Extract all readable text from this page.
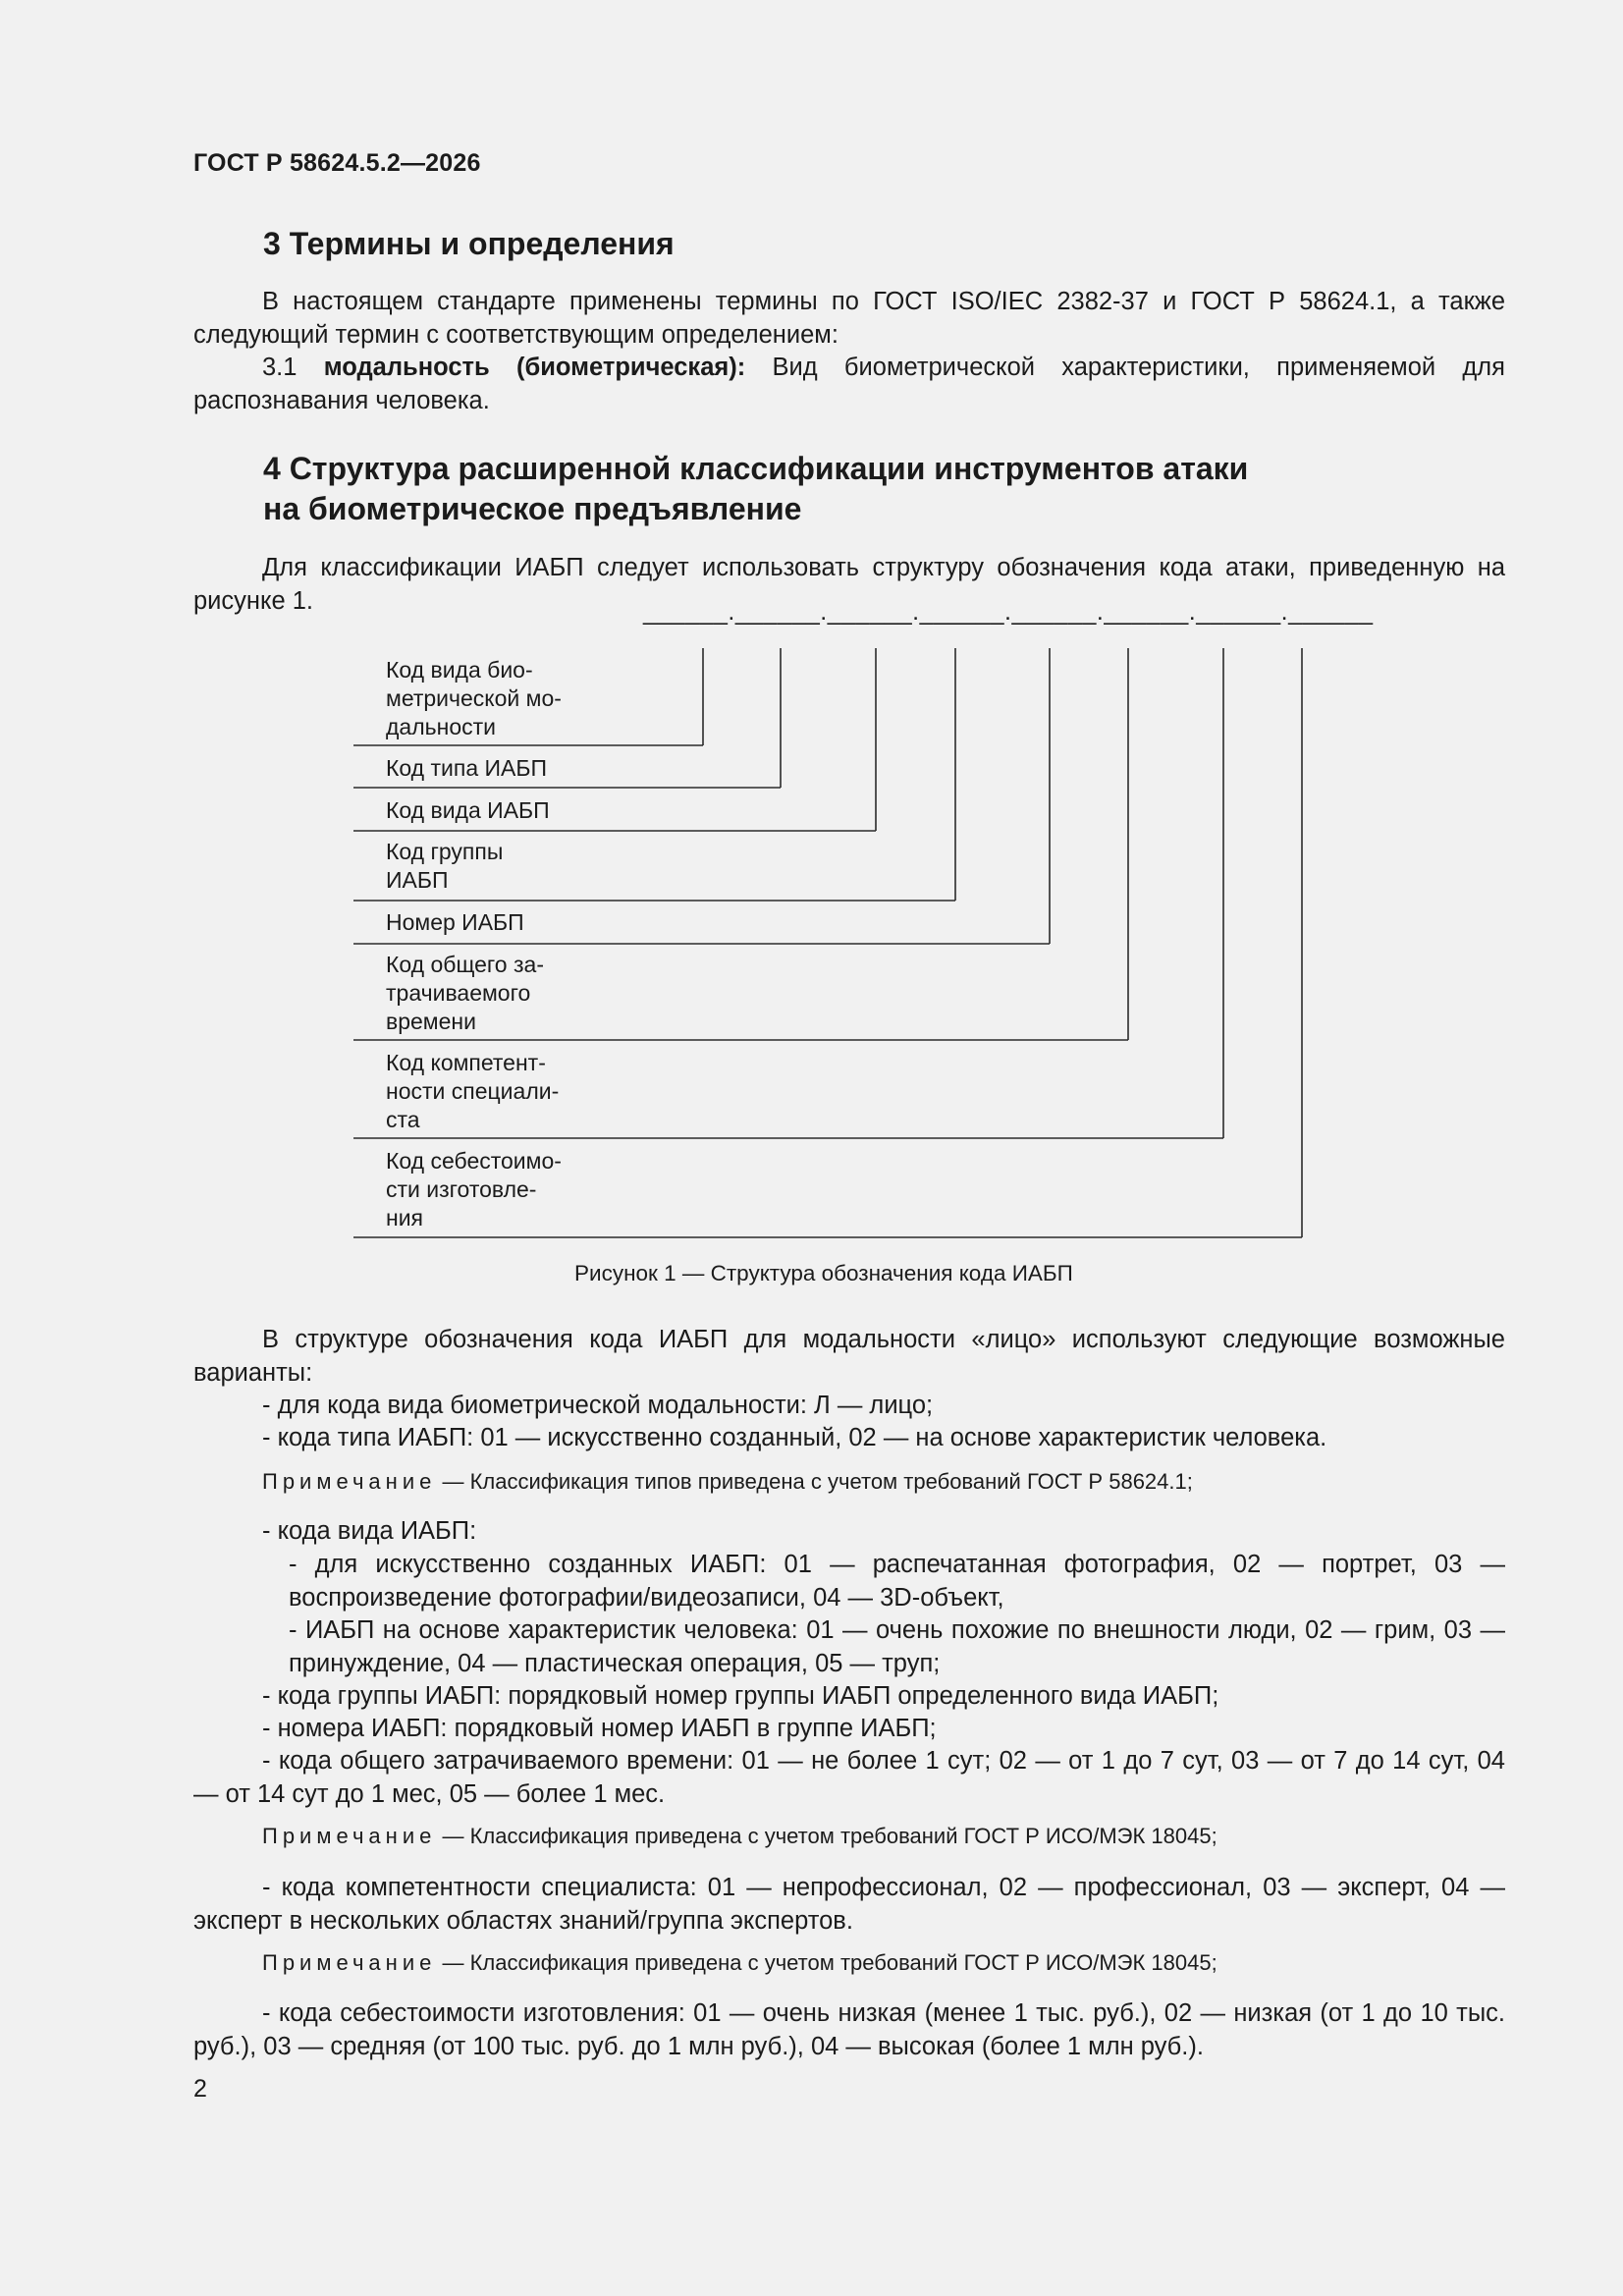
ГОСТ Р 58624.5.2—2026
3 Термины и определения
В настоящем стандарте применены термины по ГОСТ ISO/IEC 2382-37 и ГОСТ Р 58624.1, а также следующий термин с соответствующим определением:
3.1 модальность (биометрическая): Вид биометрической характеристики, применяемой для распознавания человека.
4 Структура расширенной классификации инструментов атаки
на биометрическое предъявление
Для классификации ИАБП следует использовать структуру обозначения кода атаки, приведенную на рисунке 1.	______.______.______.______.______.______.______.______
Код вида био-
метрической мо-
дальности
Код типа ИАБП
Код вида ИАБП
Код группы
ИАБП
Номер ИАБП
Код общего за-
трачиваемого
времени
Код компетент-
ности специали-
ста
Код себестоимо-
сти изготовле-
ния
Рисунок 1 — Структура обозначения кода ИАБП
В структуре обозначения кода ИАБП для модальности «лицо» используют следующие возможные варианты:
- для кода вида биометрической модальности: Л — лицо;
- кода типа ИАБП: 01 — искусственно созданный, 02 — на основе характеристик человека.
Примечание — Классификация типов приведена с учетом требований ГОСТ Р 58624.1;
- кода вида ИАБП:
- для искусственно созданных ИАБП: 01 — распечатанная фотография, 02 — портрет, 03 — воспроизведение фотографии/видеозаписи, 04 — 3D-объект,
- ИАБП на основе характеристик человека: 01 — очень похожие по внешности люди, 02 — грим, 03 — принуждение, 04 — пластическая операция, 05 — труп;
- кода группы ИАБП: порядковый номер группы ИАБП определенного вида ИАБП;
- номера ИАБП: порядковый номер ИАБП в группе ИАБП;
- кода общего затрачиваемого времени: 01 — не более 1 сут; 02 — от 1 до 7 сут, 03 — от 7 до 14 сут, 04 — от 14 сут до 1 мес, 05 — более 1 мес.
Примечание — Классификация приведена с учетом требований ГОСТ Р ИСО/МЭК 18045;
- кода компетентности специалиста: 01 — непрофессионал, 02 — профессионал, 03 — эксперт, 04 — эксперт в нескольких областях знаний/группа экспертов.
Примечание — Классификация приведена с учетом требований ГОСТ Р ИСО/МЭК 18045;
- кода себестоимости изготовления: 01 — очень низкая (менее 1 тыс. руб.), 02 — низкая (от 1 до 10 тыс. руб.), 03 — средняя (от 100 тыс. руб. до 1 млн руб.), 04 — высокая (более 1 млн руб.).
2
